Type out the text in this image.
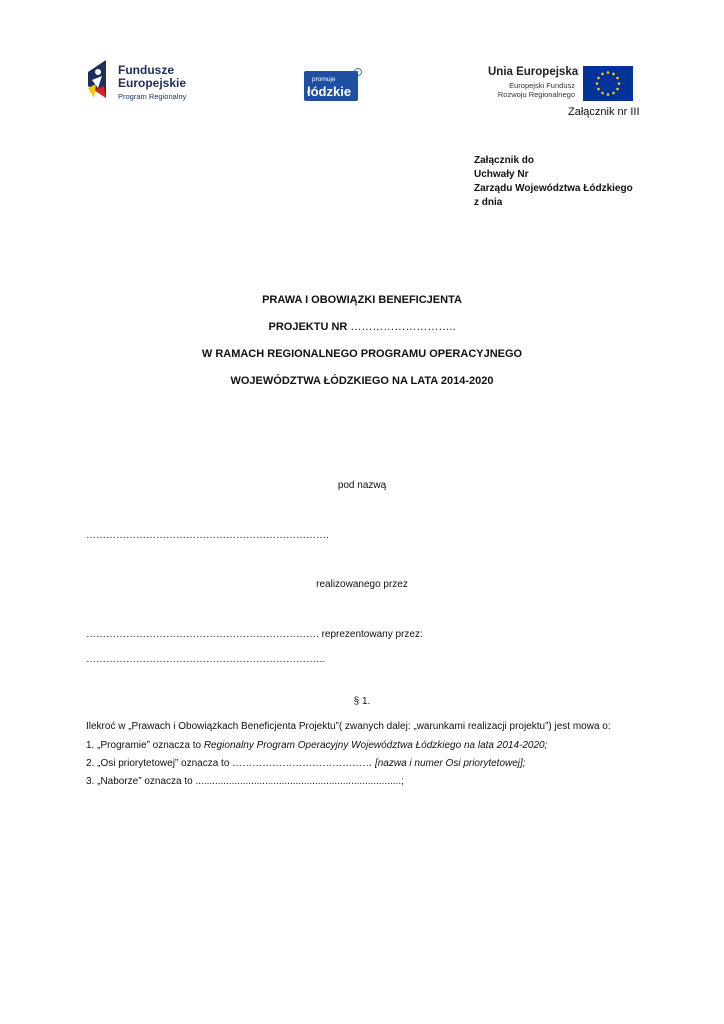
Fundusze
Europejskie
Program Regionalny
promuje
łódzkie
c	Unia Europejska
Europejski Fundusz
Rozwoju Regionalnego
Załącznik nr III
Załącznik do
Uchwały Nr
Zarządu Województwa Łódzkiego
z dnia
PRAWA I OBOWIĄZKI BENEFICJENTA
PROJEKTU NR ………………………..
W RAMACH REGIONALNEGO PROGRAMU OPERACYJNEGO
WOJEWÓDZTWA ŁÓDZKIEGO NA LATA 2014-2020
pod nazwą
……………………………………………………………….
realizowanego przez
……………………………………………………………. reprezentowany przez:
……………………………………………………………...
§ 1.
Ilekroć w „Prawach i Obowiązkach Beneficjenta Projektu”( zwanych dalej: „warunkami realizacji projektu”) jest mowa o:
1. „Programie” oznacza to Regionalny Program Operacyjny Województwa Łódzkiego na lata 2014-2020;
2. „Osi priorytetowej” oznacza to …………………………………… [nazwa i numer Osi priorytetowej];
3. „Naborze” oznacza to ..........................................................................;
